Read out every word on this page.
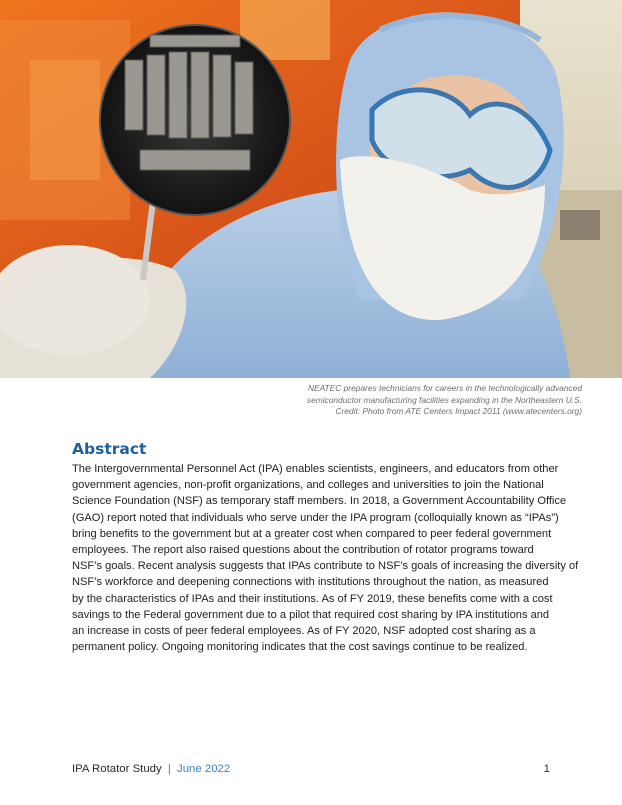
NEATEC prepares technicians for careers in the technologically advanced
semiconductor manufacturing facilities expanding in the Northeastern U.S.
Credit: Photo from ATE Centers Impact 2011 (www.atecenters.org)
Abstract
The Intergovernmental Personnel Act (IPA) enables scientists, engineers, and educators from other
government agencies, non-profit organizations, and colleges and universities to join the National
Science Foundation (NSF) as temporary staff members. In 2018, a Government Accountability Office
(GAO) report noted that individuals who serve under the IPA program (colloquially known as “IPAs”)
bring benefits to the government but at a greater cost when compared to peer federal government
employees. The report also raised questions about the contribution of rotator programs toward
NSF’s goals. Recent analysis suggests that IPAs contribute to NSF’s goals of increasing the diversity of
NSF’s workforce and deepening connections with institutions throughout the nation, as measured
by the characteristics of IPAs and their institutions. As of FY 2019, these benefits come with a cost
savings to the Federal government due to a pilot that required cost sharing by IPA institutions and
an increase in costs of peer federal employees. As of FY 2020, NSF adopted cost sharing as a
permanent policy. Ongoing monitoring indicates that the cost savings continue to be realized.
IPA Rotator Study | June 2022	1
